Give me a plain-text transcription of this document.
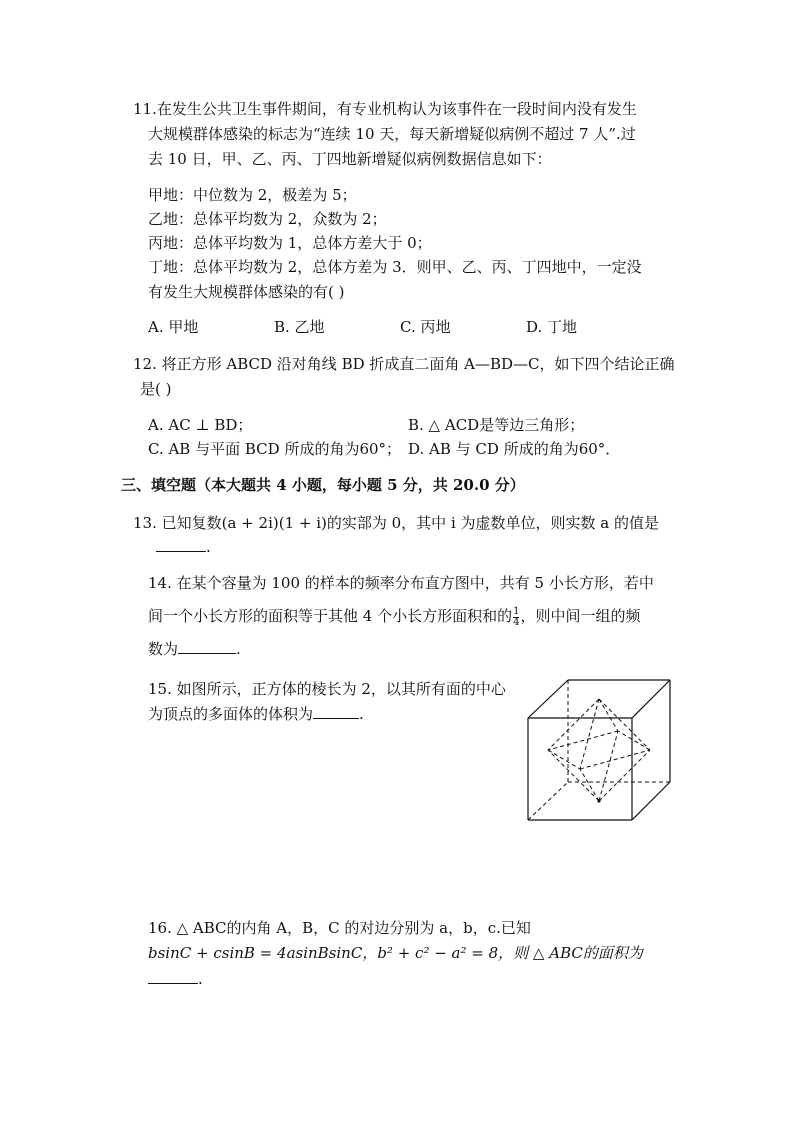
11.在发生公共卫生事件期间，有专业机构认为该事件在一段时间内没有发生
大规模群体感染的标志为“连续 10 天，每天新增疑似病例不超过 7 人”.过
去 10 日，甲、乙、丙、丁四地新增疑似病例数据信息如下：
甲地：中位数为 2，极差为 5；
乙地：总体平均数为 2，众数为 2；
丙地：总体平均数为 1，总体方差大于 0；
丁地：总体平均数为 2，总体方差为 3．则甲、乙、丙、丁四地中，一定没
有发生大规模群体感染的有( )
A. 甲地	B. 乙地	C. 丙地	D. 丁地
12. 将正方形 ABCD 沿对角线 BD 折成直二面角 A—BD—C，如下四个结论正确
是( )
A. AC ⊥ BD；	B. △ ACD是等边三角形；
C. AB 与平面 BCD 所成的角为60°； D. AB 与 CD 所成的角为60°．
三、填空题（本大题共 4 小题，每小题 5 分，共 20.0 分）
13. 已知复数(a + 2i)(1 + i)的实部为 0，其中 i 为虚数单位，则实数 a 的值是
.
14. 在某个容量为 100 的样本的频率分布直方图中，共有 5 小长方形，若中
间一个小长方形的面积等于其他 4 个小长方形面积和的 $\frac{1}{4}$ ，则中间一组的频
数为	.
15. 如图所示，正方体的棱长为 2，以其所有面的中心
为顶点的多面体的体积为	.
16. △ ABC的内角 A，B，C 的对边分别为 a，b，c.已知
bsinC + csinB = 4asinBsinC，b² + c² − a² = 8，则 △ ABC的面积为
.
